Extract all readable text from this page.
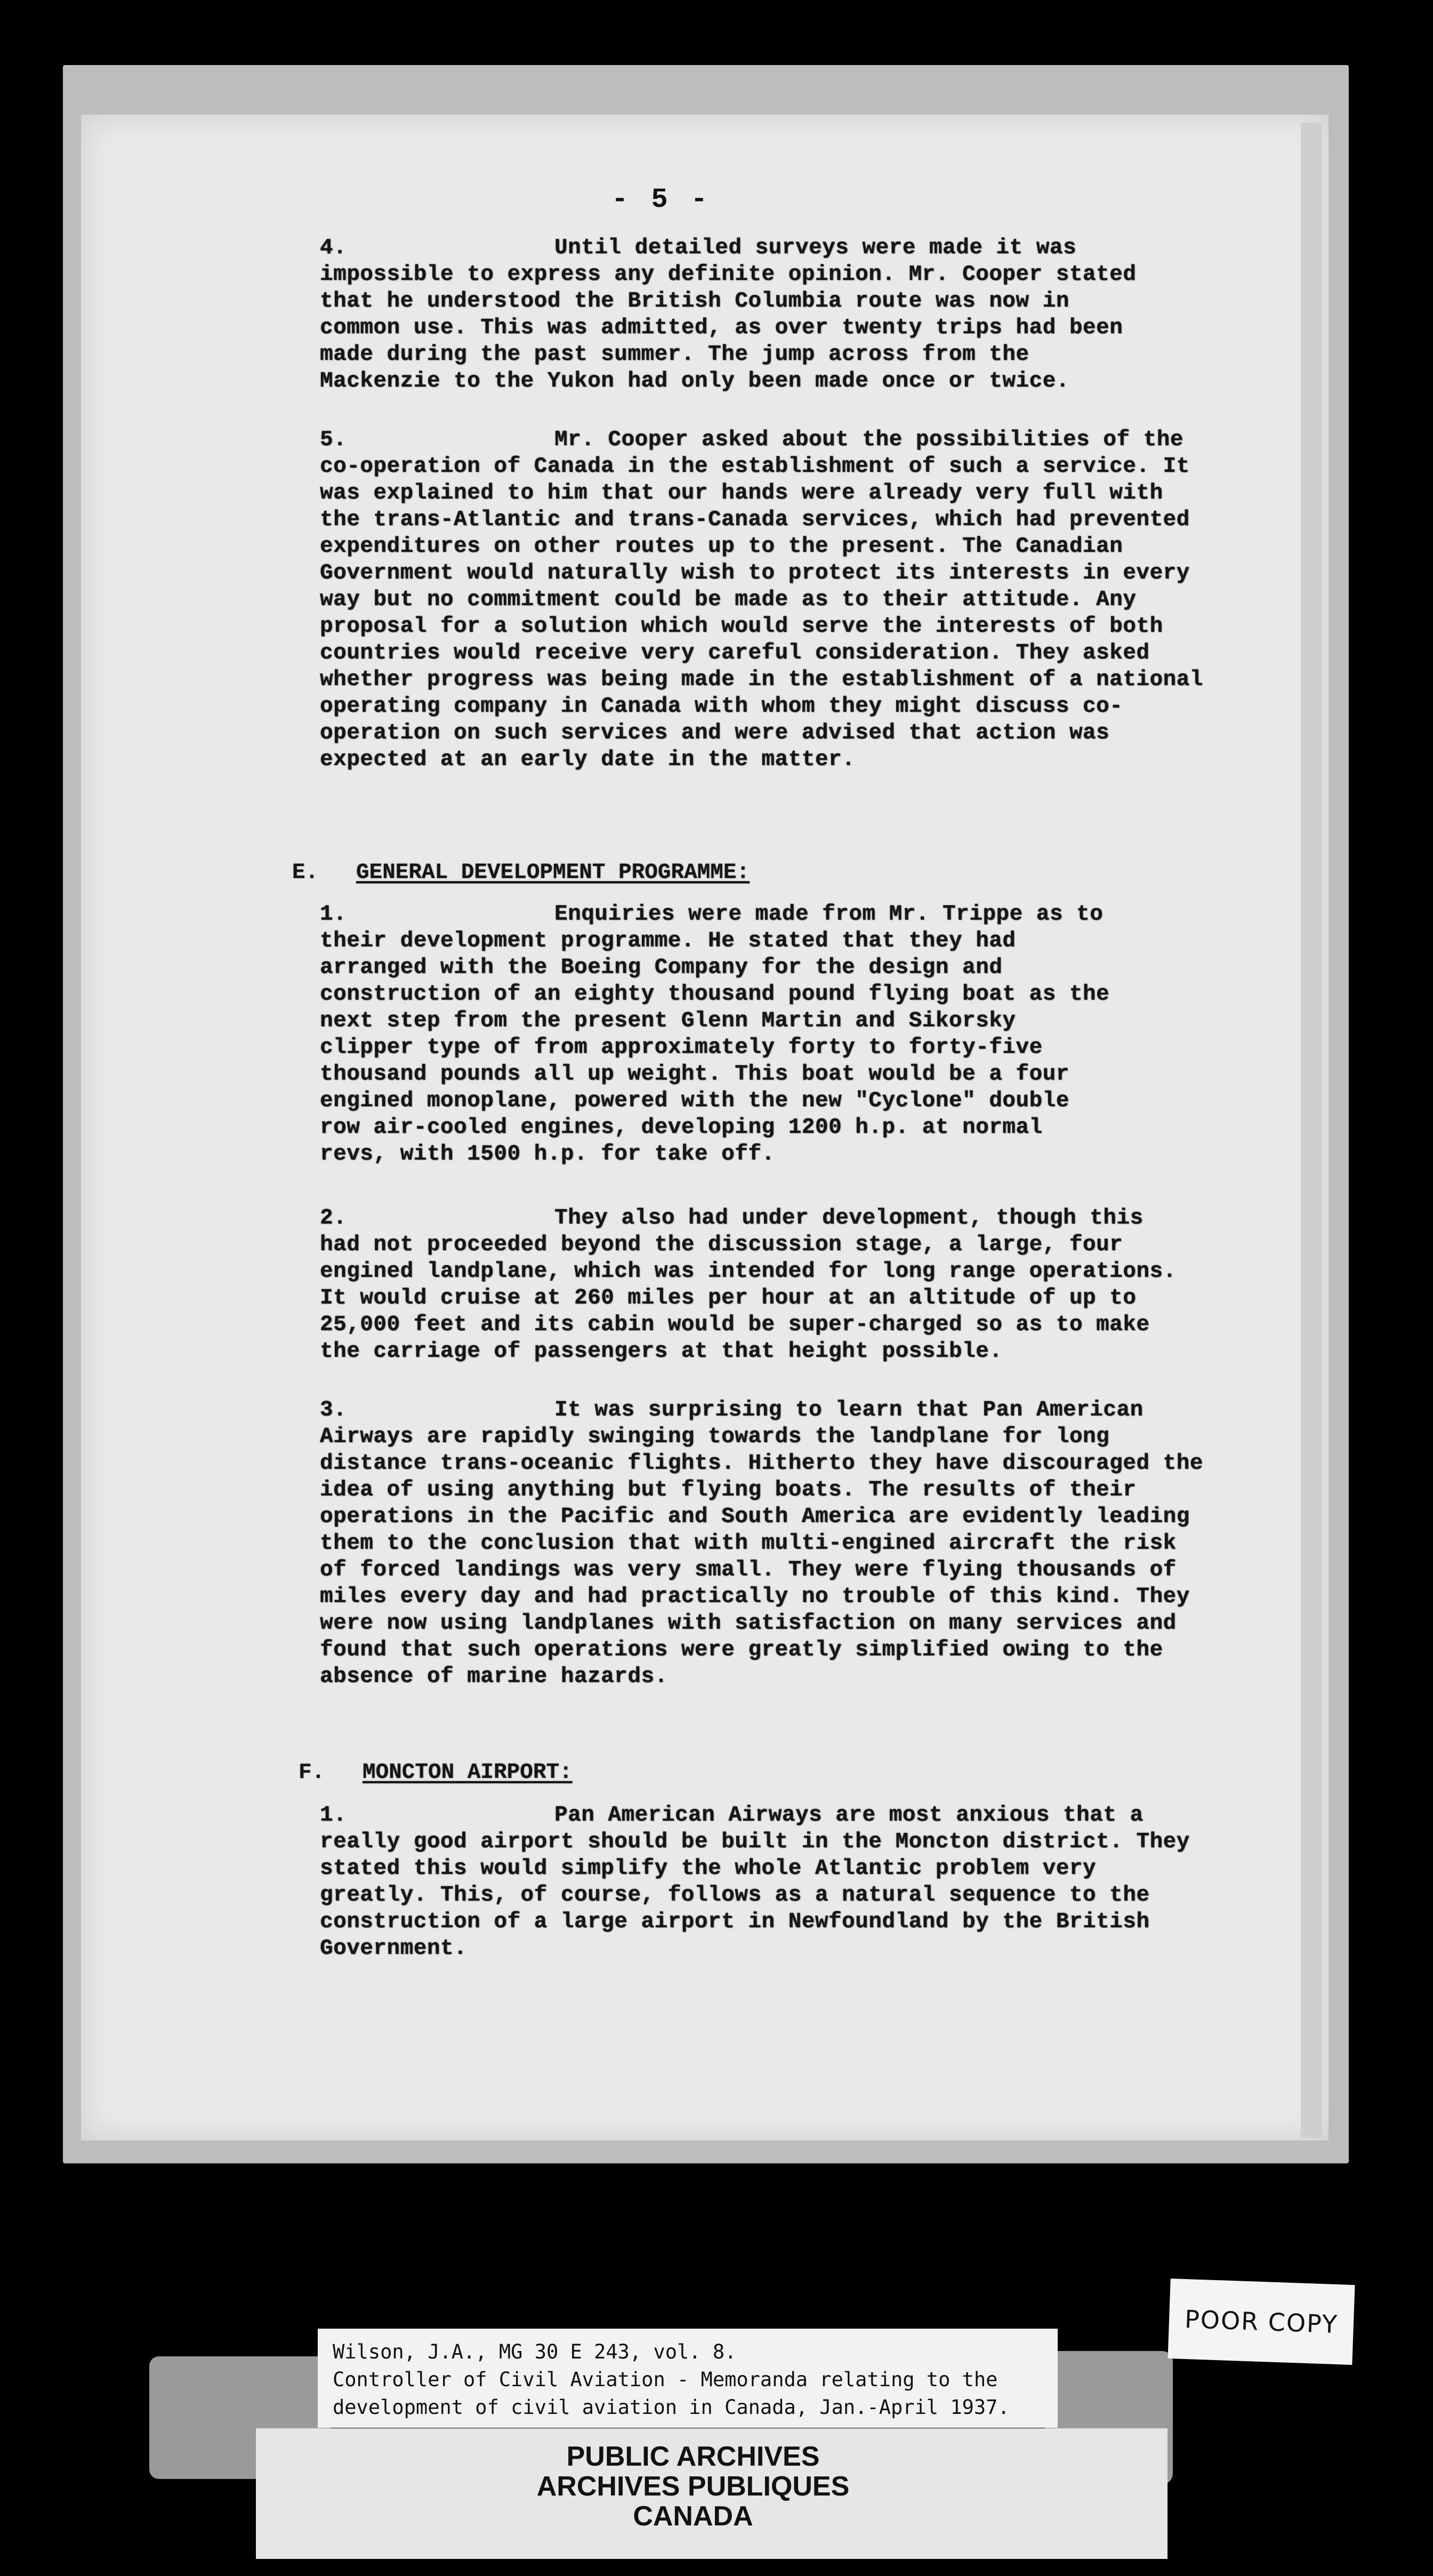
- 5 -

4.	Until detailed surveys were made it was impossible to express any definite opinion. Mr. Cooper stated that he understood the British Columbia route was now in common use. This was admitted, as over twenty trips had been made during the past summer. The jump across from the Mackenzie to the Yukon had only been made once or twice.

5.	Mr. Cooper asked about the possibilities of the co-operation of Canada in the establishment of such a service. It was explained to him that our hands were already very full with the trans-Atlantic and trans-Canada services, which had prevented expenditures on other routes up to the present. The Canadian Government would naturally wish to protect its interests in every way but no commitment could be made as to their attitude. Any proposal for a solution which would serve the interests of both countries would receive very careful consideration. They asked whether progress was being made in the establishment of a national operating company in Canada with whom they might discuss co-operation on such services and were advised that action was expected at an early date in the matter.

E. GENERAL DEVELOPMENT PROGRAMME:

1.	Enquiries were made from Mr. Trippe as to their development programme. He stated that they had arranged with the Boeing Company for the design and construction of an eighty thousand pound flying boat as the next step from the present Glenn Martin and Sikorsky clipper type of from approximately forty to forty-five thousand pounds all up weight. This boat would be a four engined monoplane, powered with the new "Cyclone" double row air-cooled engines, developing 1200 h.p. at normal revs, with 1500 h.p. for take off.

2.	They also had under development, though this had not proceeded beyond the discussion stage, a large, four engined landplane, which was intended for long range operations. It would cruise at 260 miles per hour at an altitude of up to 25,000 feet and its cabin would be super-charged so as to make the carriage of passengers at that height possible.

3.	It was surprising to learn that Pan American Airways are rapidly swinging towards the landplane for long distance trans-oceanic flights. Hitherto they have discouraged the idea of using anything but flying boats. The results of their operations in the Pacific and South America are evidently leading them to the conclusion that with multi-engined aircraft the risk of forced landings was very small. They were flying thousands of miles every day and had practically no trouble of this kind. They were now using landplanes with satisfaction on many services and found that such operations were greatly simplified owing to the absence of marine hazards.

F. MONCTON AIRPORT:

1.	Pan American Airways are most anxious that a really good airport should be built in the Moncton district. They stated this would simplify the whole Atlantic problem very greatly. This, of course, follows as a natural sequence to the construction of a large airport in Newfoundland by the British Government.

Wilson, J.A., MG 30 E 243, vol. 8.
Controller of Civil Aviation - Memoranda relating to the
development of civil aviation in Canada, Jan.-April 1937.
PUBLIC ARCHIVES
ARCHIVES PUBLIQUES
CANADA
POOR COPY
